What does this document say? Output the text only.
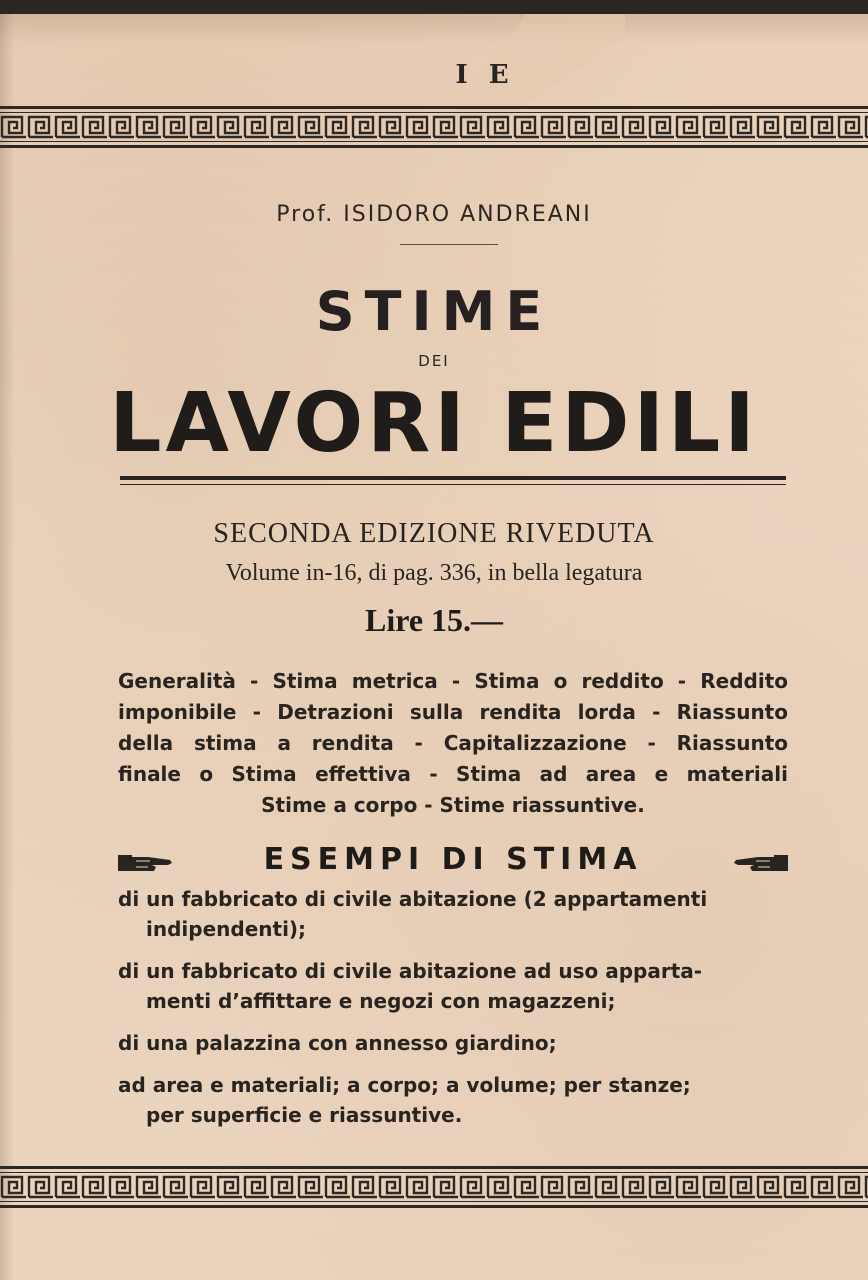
I E
Prof. ISIDORO ANDREANI
STIME
DEI
LAVORI EDILI
SECONDA EDIZIONE RIVEDUTA
Volume in-16, di pag. 336, in bella legatura
Lire 15.—
Generalità - Stima metrica - Stima o reddito - Reddito
imponibile - Detrazioni sulla rendita lorda - Riassunto
della stima a rendita - Capitalizzazione - Riassunto
finale o Stima effettiva - Stima ad area e materiali
Stime a corpo - Stime riassuntive.
ESEMPI DI STIMA
di un fabbricato di civile abitazione (2 appartamenti
indipendenti);
di un fabbricato di civile abitazione ad uso apparta-
menti d’affittare e negozi con magazzeni;
di una palazzina con annesso giardino;
ad area e materiali; a corpo; a volume; per stanze;
per superficie e riassuntive.
